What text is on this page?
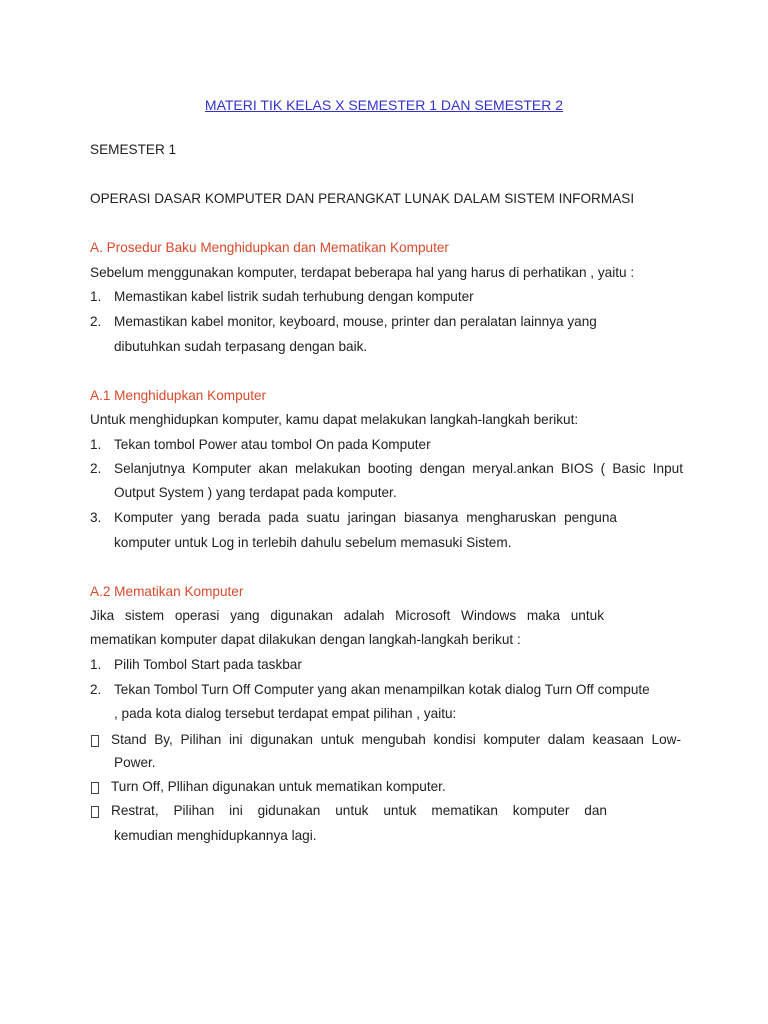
MATERI TIK KELAS X SEMESTER 1 DAN SEMESTER 2
SEMESTER 1
OPERASI DASAR KOMPUTER DAN PERANGKAT LUNAK DALAM SISTEM INFORMASI
A. Prosedur Baku Menghidupkan dan Mematikan Komputer
Sebelum menggunakan komputer, terdapat beberapa hal yang harus di perhatikan , yaitu :
1. Memastikan kabel listrik sudah terhubung dengan komputer
2. Memastikan kabel monitor, keyboard, mouse, printer dan peralatan lainnya yang
dibutuhkan sudah terpasang dengan baik.
A.1 Menghidupkan Komputer
Untuk menghidupkan komputer, kamu dapat melakukan langkah-langkah berikut:
1. Tekan tombol Power atau tombol On pada Komputer
2. Selanjutnya Komputer akan melakukan booting dengan meryal.ankan BIOS ( Basic Input
Output System ) yang terdapat pada komputer.
3. Komputer yang berada pada suatu jaringan biasanya mengharuskan penguna
komputer untuk Log in terlebih dahulu sebelum memasuki Sistem.
A.2 Mematikan Komputer
Jika sistem operasi yang digunakan adalah Microsoft Windows maka untuk
mematikan komputer dapat dilakukan dengan langkah-langkah berikut :
1. Pilih Tombol Start pada taskbar
2. Tekan Tombol Turn Off Computer yang akan menampilkan kotak dialog Turn Off compute
, pada kota dialog tersebut terdapat empat pilihan , yaitu:
Stand By, Pilihan ini digunakan untuk mengubah kondisi komputer dalam keasaan Low-
Power.
Turn Off, Pllihan digunakan untuk mematikan komputer.
Restrat, Pilihan ini gidunakan untuk untuk mematikan komputer dan
kemudian menghidupkannya lagi.
